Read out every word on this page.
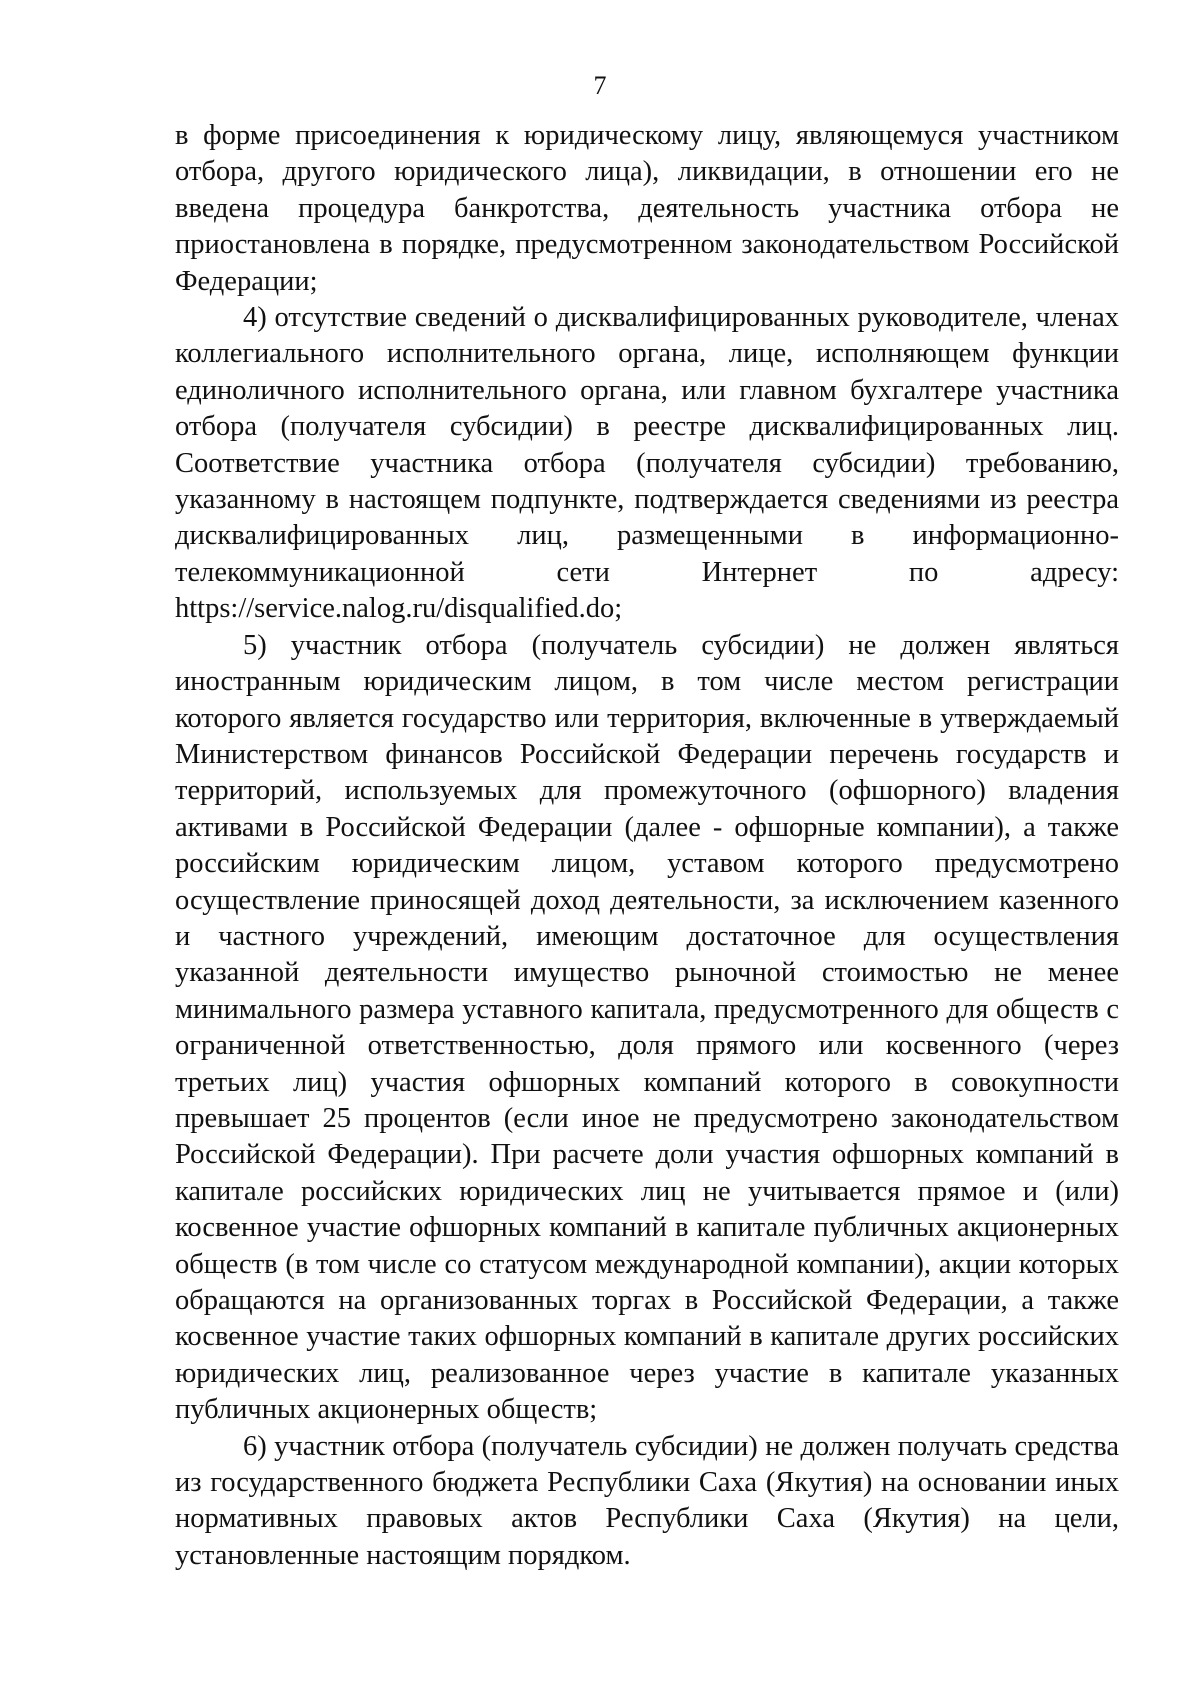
7

в форме присоединения к юридическому лицу, являющемуся участником отбора, другого юридического лица), ликвидации, в отношении его не введена процедура банкротства, деятельность участника отбора не приостановлена в порядке, предусмотренном законодательством Российской Федерации;

4) отсутствие сведений о дисквалифицированных руководителе, членах коллегиального исполнительного органа, лице, исполняющем функции единоличного исполнительного органа, или главном бухгалтере участника отбора (получателя субсидии) в реестре дисквалифицированных лиц. Соответствие участника отбора (получателя субсидии) требованию, указанному в настоящем подпункте, подтверждается сведениями из реестра дисквалифицированных лиц, размещенными в информационно-телекоммуникационной сети Интернет по адресу: https://service.nalog.ru/disqualified.do;

5) участник отбора (получатель субсидии) не должен являться иностранным юридическим лицом, в том числе местом регистрации которого является государство или территория, включенные в утверждаемый Министерством финансов Российской Федерации перечень государств и территорий, используемых для промежуточного (офшорного) владения активами в Российской Федерации (далее - офшорные компании), а также российским юридическим лицом, уставом которого предусмотрено осуществление приносящей доход деятельности, за исключением казенного и частного учреждений, имеющим достаточное для осуществления указанной деятельности имущество рыночной стоимостью не менее минимального размера уставного капитала, предусмотренного для обществ с ограниченной ответственностью, доля прямого или косвенного (через третьих лиц) участия офшорных компаний которого в совокупности превышает 25 процентов (если иное не предусмотрено законодательством Российской Федерации). При расчете доли участия офшорных компаний в капитале российских юридических лиц не учитывается прямое и (или) косвенное участие офшорных компаний в капитале публичных акционерных обществ (в том числе со статусом международной компании), акции которых обращаются на организованных торгах в Российской Федерации, а также косвенное участие таких офшорных компаний в капитале других российских юридических лиц, реализованное через участие в капитале указанных публичных акционерных обществ;

6) участник отбора (получатель субсидии) не должен получать средства из государственного бюджета Республики Саха (Якутия) на основании иных нормативных правовых актов Республики Саха (Якутия) на цели, установленные настоящим порядком.
